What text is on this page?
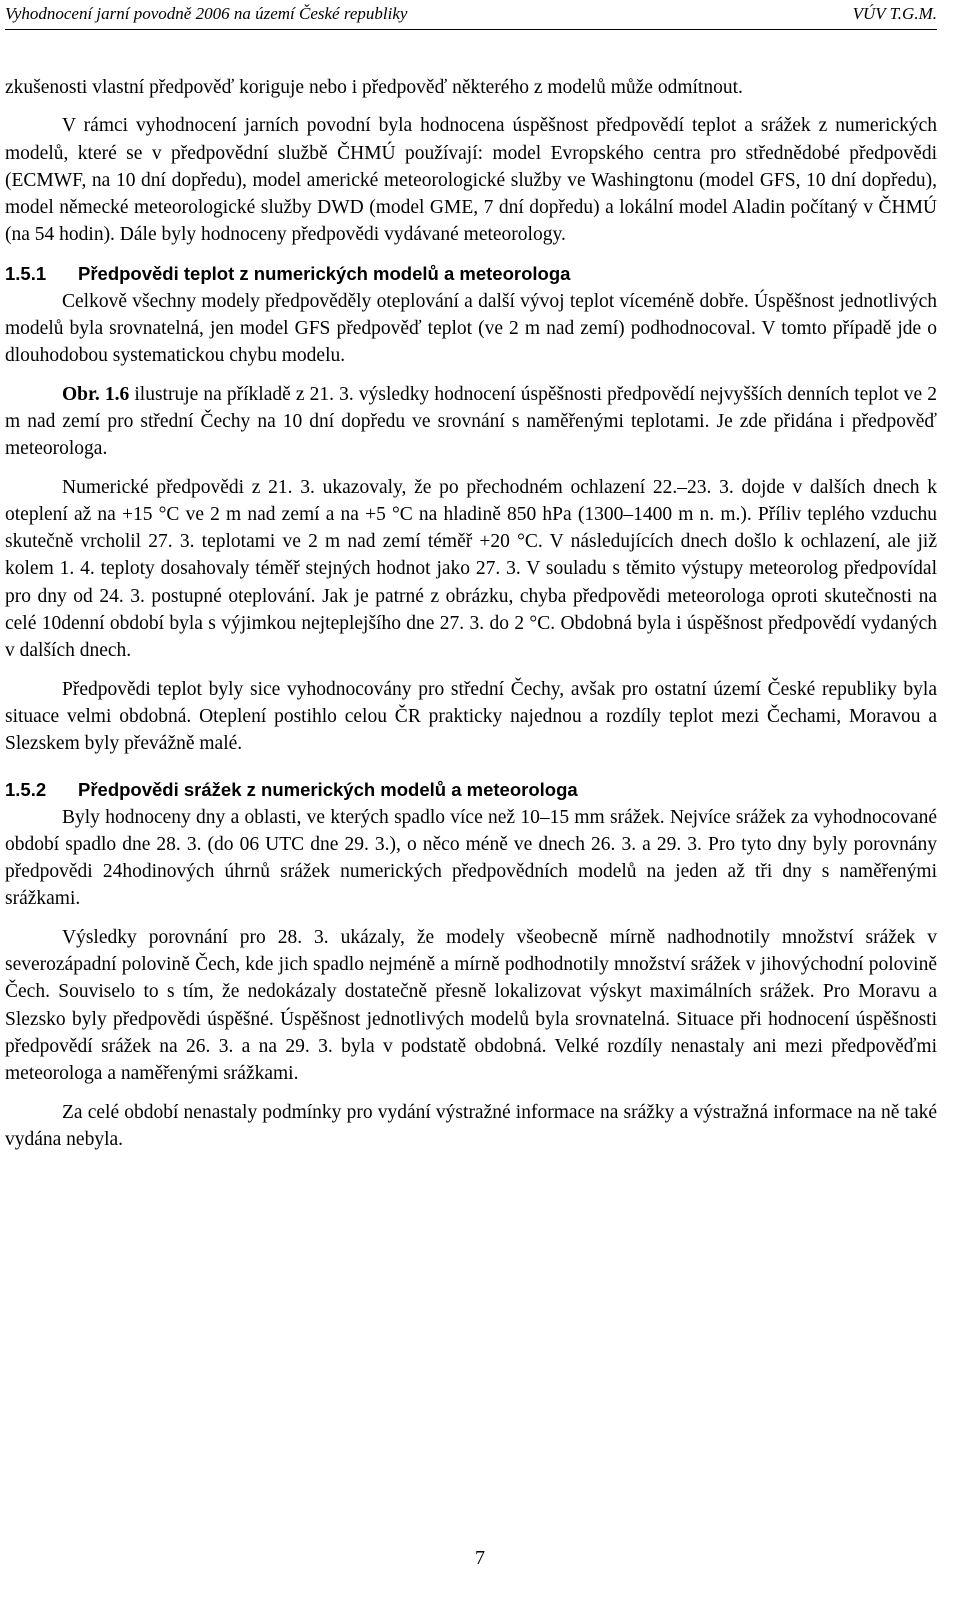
Vyhodnocení jarní povodně 2006 na území České republiky	VÚV T.G.M.

zkušenosti vlastní předpověď koriguje nebo i předpověď některého z modelů může odmítnout.

V rámci vyhodnocení jarních povodní byla hodnocena úspěšnost předpovědí teplot a srážek z numerických modelů, které se v předpovědní službě ČHMÚ používají: model Evropského centra pro střednědobé předpovědi (ECMWF, na 10 dní dopředu), model americké meteorologické služby ve Washingtonu (model GFS, 10 dní dopředu), model německé meteorologické služby DWD (model GME, 7 dní dopředu) a lokální model Aladin počítaný v ČHMÚ (na 54 hodin). Dále byly hodnoceny předpovědi vydávané meteorology.

1.5.1 Předpovědi teplot z numerických modelů a meteorologa

Celkově všechny modely předpověděly oteplování a další vývoj teplot víceméně dobře. Úspěšnost jednotlivých modelů byla srovnatelná, jen model GFS předpověď teplot (ve 2 m nad zemí) podhodnocoval. V tomto případě jde o dlouhodobou systematickou chybu modelu.

Obr. 1.6 ilustruje na příkladě z 21. 3. výsledky hodnocení úspěšnosti předpovědí nejvyšších denních teplot ve 2 m nad zemí pro střední Čechy na 10 dní dopředu ve srovnání s naměřenými teplotami. Je zde přidána i předpověď meteorologa.

Numerické předpovědi z 21. 3. ukazovaly, že po přechodném ochlazení 22.–23. 3. dojde v dalších dnech k oteplení až na +15 °C ve 2 m nad zemí a na +5 °C na hladině 850 hPa (1300–1400 m n. m.). Příliv teplého vzduchu skutečně vrcholil 27. 3. teplotami ve 2 m nad zemí téměř +20 °C. V následujících dnech došlo k ochlazení, ale již kolem 1. 4. teploty dosahovaly téměř stejných hodnot jako 27. 3. V souladu s těmito výstupy meteorolog předpovídal pro dny od 24. 3. postupné oteplování. Jak je patrné z obrázku, chyba předpovědi meteorologa oproti skutečnosti na celé 10denní období byla s výjimkou nejteplejšího dne 27. 3. do 2 °C. Obdobná byla i úspěšnost předpovědí vydaných v dalších dnech.

Předpovědi teplot byly sice vyhodnocovány pro střední Čechy, avšak pro ostatní území České republiky byla situace velmi obdobná. Oteplení postihlo celou ČR prakticky najednou a rozdíly teplot mezi Čechami, Moravou a Slezskem byly převážně malé.

1.5.2 Předpovědi srážek z numerických modelů a meteorologa

Byly hodnoceny dny a oblasti, ve kterých spadlo více než 10–15 mm srážek. Nejvíce srážek za vyhodnocované období spadlo dne 28. 3. (do 06 UTC dne 29. 3.), o něco méně ve dnech 26. 3. a 29. 3. Pro tyto dny byly porovnány předpovědi 24hodinových úhrnů srážek numerických předpovědních modelů na jeden až tři dny s naměřenými srážkami.

Výsledky porovnání pro 28. 3. ukázaly, že modely všeobecně mírně nadhodnotily množství srážek v severozápadní polovině Čech, kde jich spadlo nejméně a mírně podhodnotily množství srážek v jihovýchodní polovině Čech. Souviselo to s tím, že nedokázaly dostatečně přesně lokalizovat výskyt maximálních srážek. Pro Moravu a Slezsko byly předpovědi úspěšné. Úspěšnost jednotlivých modelů byla srovnatelná. Situace při hodnocení úspěšnosti předpovědí srážek na 26. 3. a na 29. 3. byla v podstatě obdobná. Velké rozdíly nenastaly ani mezi předpověďmi meteorologa a naměřenými srážkami.

Za celé období nenastaly podmínky pro vydání výstražné informace na srážky a výstražná informace na ně také vydána nebyla.

7
